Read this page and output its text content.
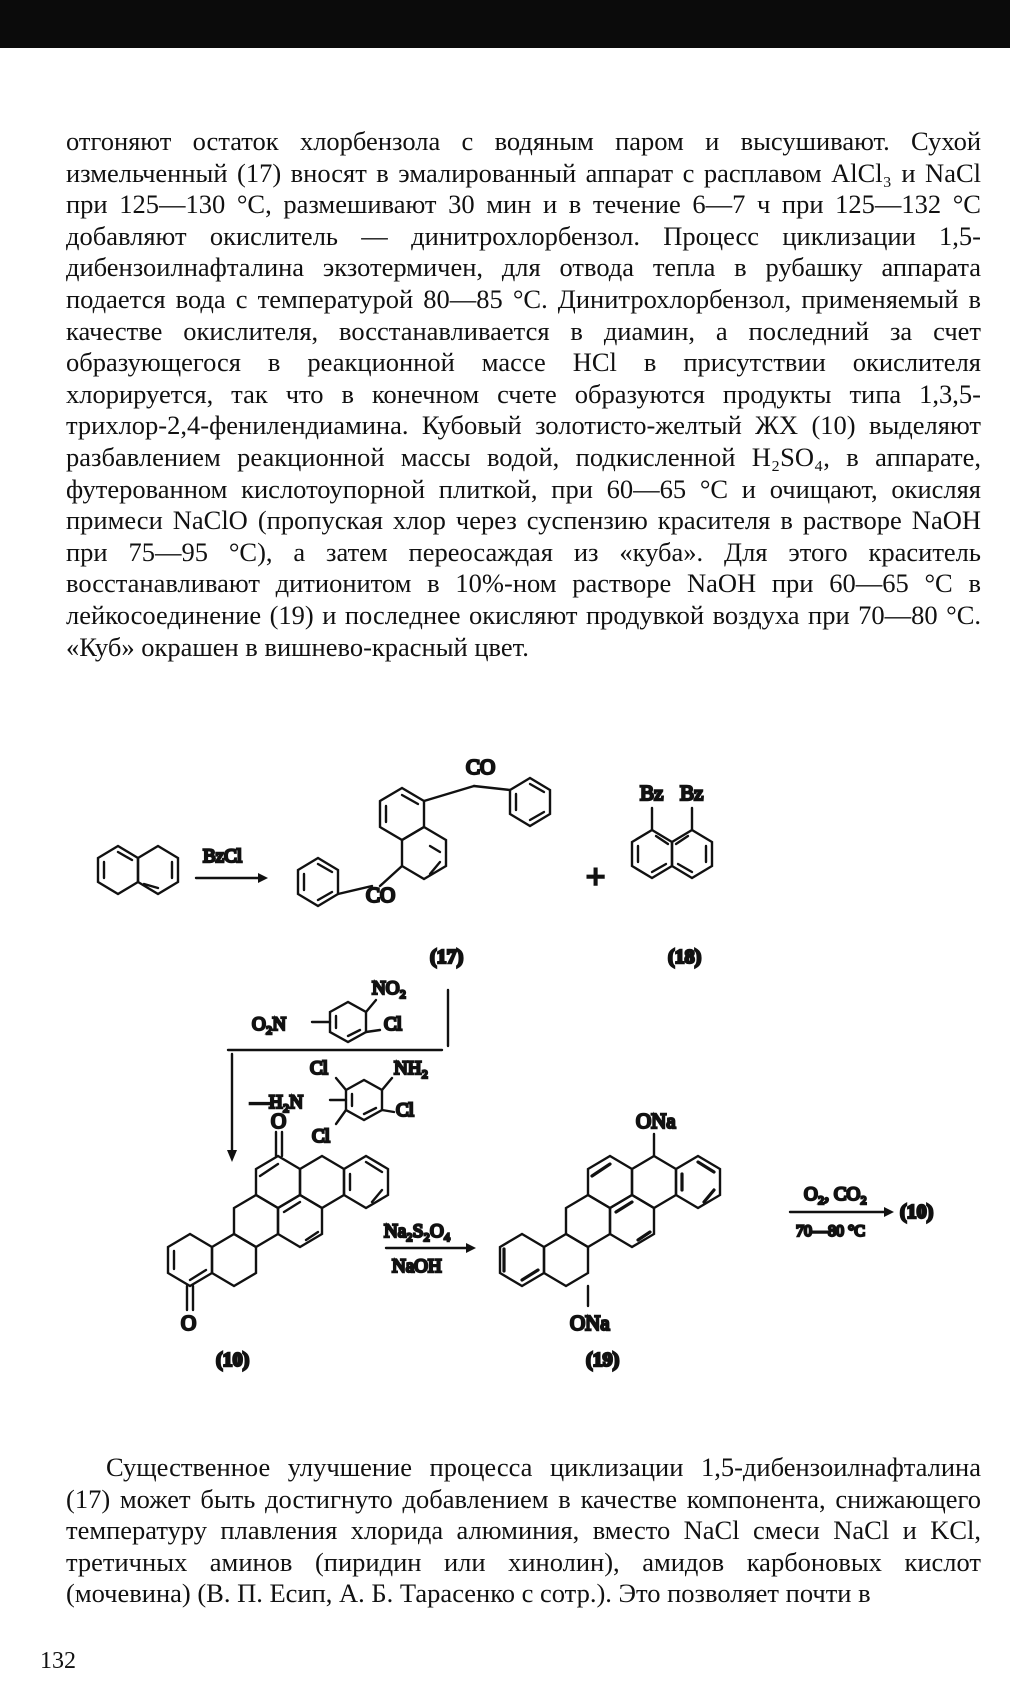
отгоняют остаток хлорбензола с водяным паром и высушивают. Сухой измельченный (17) вносят в эмалированный аппарат с расплавом AlCl₃ и NaCl при 125—130 °С, размешивают 30 мин и в течение 6—7 ч при 125—132 °С добавляют окислитель — динитрохлорбензол. Процесс циклизации 1,5-дибензоилнафталина экзотермичен, для отвода тепла в рубашку аппарата подается вода с температурой 80—85 °С. Динитрохлорбензол, применяемый в качестве окислителя, восстанавливается в диамин, а последний за счет образующегося в реакционной массе HCl в присутствии окислителя хлорируется, так что в конечном счете образуются продукты типа 1,3,5-трихлор-2,4-фенилендиамина. Кубовый золотисто-желтый ЖХ (10) выделяют разбавлением реакционной массы водой, подкисленной H₂SO₄, в аппарате, футерованном кислотоупорной плиткой, при 60—65 °С и очищают, окисляя примеси NaClO (пропуская хлор через суспензию красителя в растворе NaOH при 75—95 °С), а затем переосаждая из «куба». Для этого краситель восстанавливают дитионитом в 10%-ном растворе NaOH при 60—65 °С в лейкосоединение (19) и последнее окисляют продувкой воздуха при 70—80 °С. «Куб» окрашен в вишнево-красный цвет.

BzCl
CO
CO
(17)
+
Bz Bz
(18)
NO₂
O₂N	Cl
Cl	NH₂
—H₂N	Cl
Cl
O
O
(10)
Na₂S₂O₄
NaOH
ONa
ONa
(19)
O₂, CO₂
70—80 °С
(10)

Существенное улучшение процесса циклизации 1,5-дибензоилнафталина (17) может быть достигнуто добавлением в качестве компонента, снижающего температуру плавления хлорида алюминия, вместо NaCl смеси NaCl и KCl, третичных аминов (пиридин или хинолин), амидов карбоновых кислот (мочевина) (В. П. Есип, А. Б. Тарасенко с сотр.). Это позволяет почти в

132
